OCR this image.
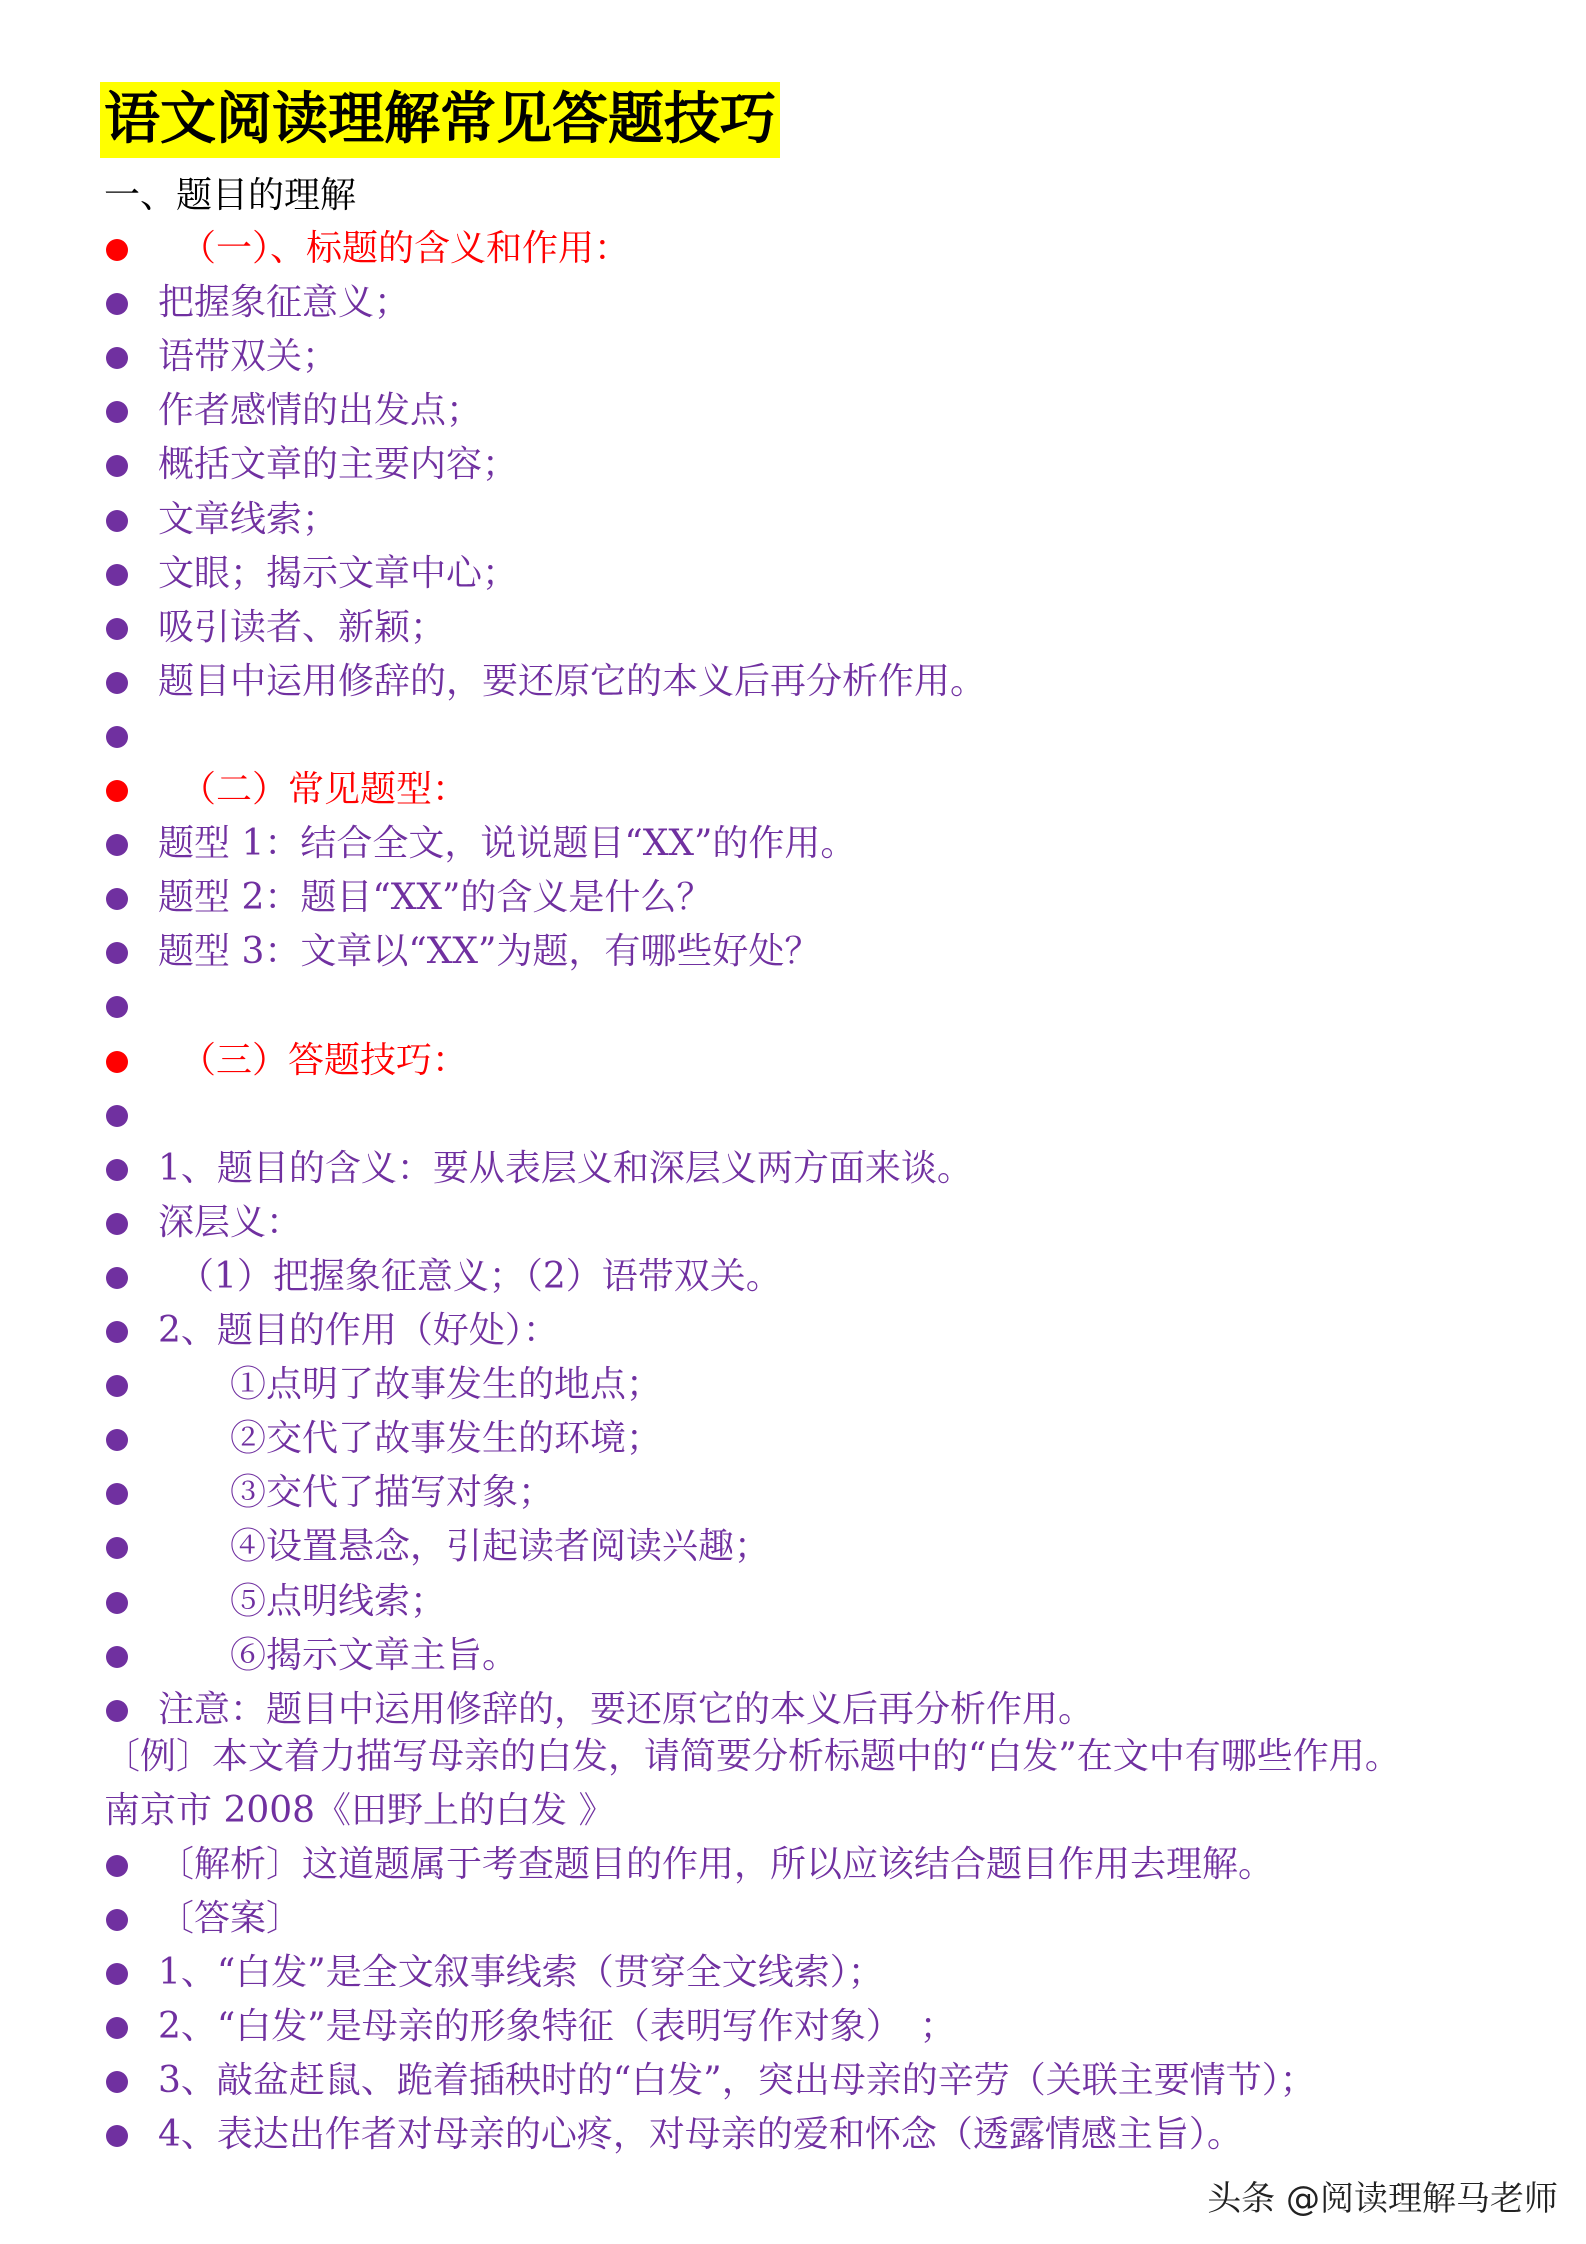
语文阅读理解常见答题技巧
一、题目的理解
（一）、标题的含义和作用：
把握象征意义；
语带双关；
作者感情的出发点；
概括文章的主要内容；
文章线索；
文眼；揭示文章中心；
吸引读者、新颖；
题目中运用修辞的，要还原它的本义后再分析作用。
（二）常见题型：
题型 1：结合全文，说说题目“XX”的作用。
题型 2：题目“XX”的含义是什么？
题型 3：文章以“XX”为题，有哪些好处？
（三）答题技巧：
1、题目的含义：要从表层义和深层义两方面来谈。
深层义：
（1）把握象征意义；（2）语带双关。
2、题目的作用（好处）：
①点明了故事发生的地点；
②交代了故事发生的环境；
③交代了描写对象；
④设置悬念，引起读者阅读兴趣；
⑤点明线索；
⑥揭示文章主旨。
注意：题目中运用修辞的，要还原它的本义后再分析作用。
〔例〕本文着力描写母亲的白发，请简要分析标题中的“白发”在文中有哪些作用。
南京市 2008《田野上的白发 》
〔解析〕这道题属于考查题目的作用，所以应该结合题目作用去理解。
〔答案〕
1、“白发”是全文叙事线索（贯穿全文线索）；
2、“白发”是母亲的形象特征（表明写作对象）　；
3、敲盆赶鼠、跪着插秧时的“白发”，突出母亲的辛劳（关联主要情节）；
4、表达出作者对母亲的心疼，对母亲的爱和怀念（透露情感主旨）。
头条 @阅读理解马老师
